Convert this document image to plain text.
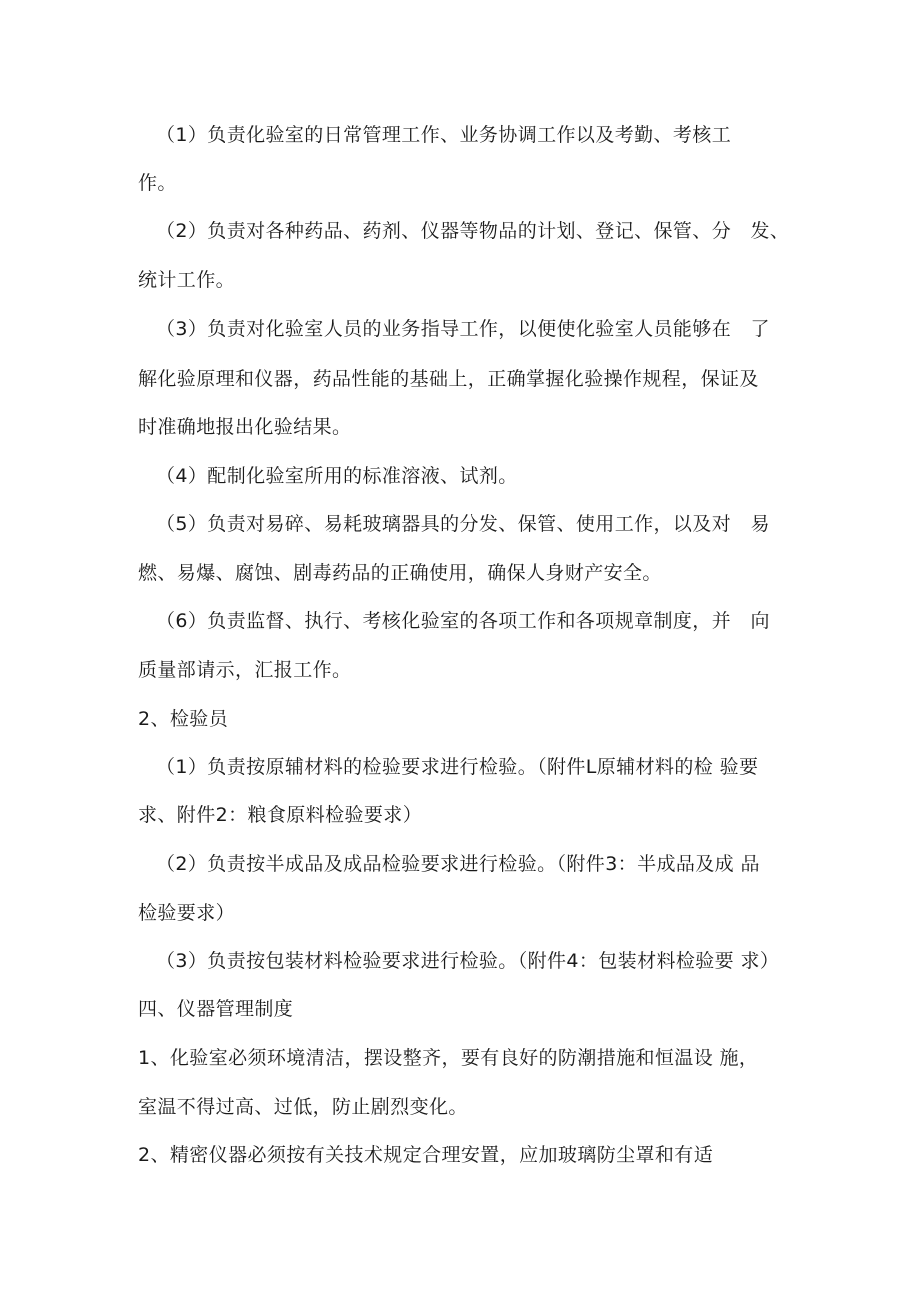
（1）负责化验室的日常管理工作、业务协调工作以及考勤、考核工
作。
（2）负责对各种药品、药剂、仪器等物品的计划、登记、保管、分　发、
统计工作。
（3）负责对化验室人员的业务指导工作，以便使化验室人员能够在　了
解化验原理和仪器，药品性能的基础上，正确掌握化验操作规程，保证及
时准确地报出化验结果。
（4）配制化验室所用的标准溶液、试剂。
（5）负责对易碎、易耗玻璃器具的分发、保管、使用工作，以及对　易
燃、易爆、腐蚀、剧毒药品的正确使用，确保人身财产安全。
（6）负责监督、执行、考核化验室的各项工作和各项规章制度，并　向
质量部请示，汇报工作。
2、检验员
（1）负责按原辅材料的检验要求进行检验。（附件L原辅材料的检 验要
求、附件2：粮食原料检验要求）
（2）负责按半成品及成品检验要求进行检验。（附件3：半成品及成 品
检验要求）
（3）负责按包装材料检验要求进行检验。（附件4：包装材料检验要 求）
四、仪器管理制度
1、化验室必须环境清洁，摆设整齐，要有良好的防潮措施和恒温设 施，
室温不得过高、过低，防止剧烈变化。
2、精密仪器必须按有关技术规定合理安置，应加玻璃防尘罩和有适
